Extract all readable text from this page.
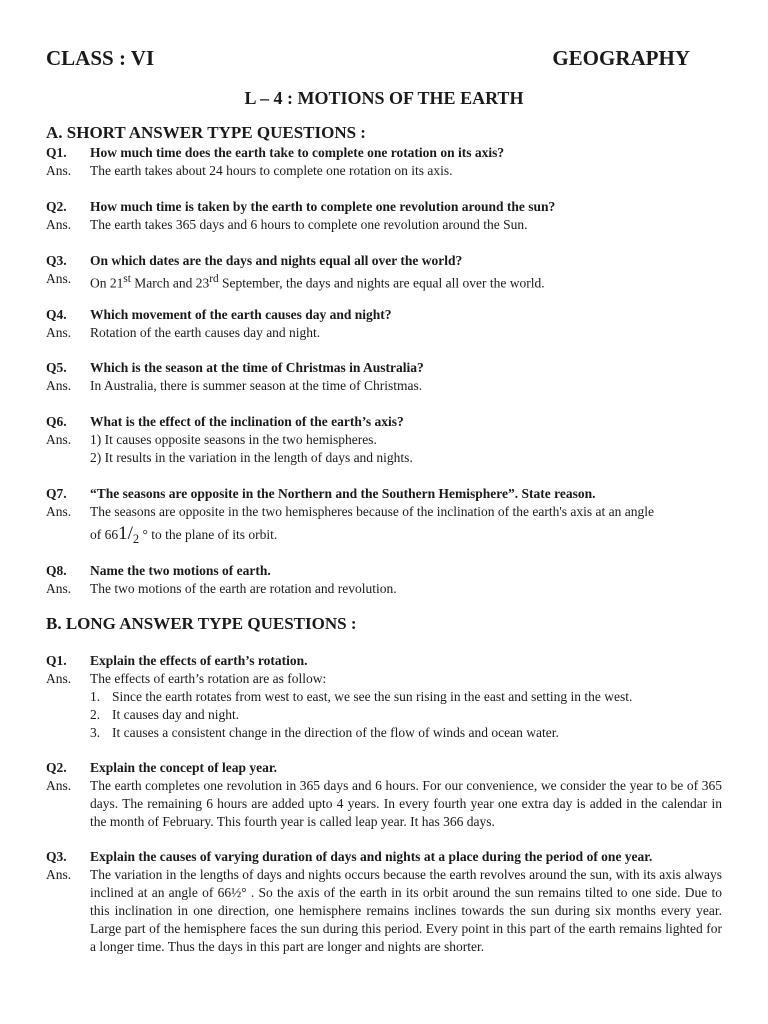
CLASS : VI	GEOGRAPHY
L – 4 : MOTIONS OF THE EARTH
A. SHORT ANSWER TYPE QUESTIONS :
Q1.	How much time does the earth take to complete one rotation on its axis?
Ans.	The earth takes about 24 hours to complete one rotation on its axis.
Q2.	How much time is taken by the earth to complete one revolution around the sun?
Ans.	The earth takes 365 days and 6 hours to complete one revolution around the Sun.
Q3.	On which dates are the days and nights equal all over the world?
Ans.	On 21st March and 23rd September, the days and nights are equal all over the world.
Q4.	Which movement of the earth causes day and night?
Ans.	Rotation of the earth causes day and night.
Q5.	Which is the season at the time of Christmas in Australia?
Ans.	In Australia, there is summer season at the time of Christmas.
Q6.	What is the effect of the inclination of the earth’s axis?
Ans.	1) It causes opposite seasons in the two hemispheres.
2) It results in the variation in the length of days and nights.
Q7.	“The seasons are opposite in the Northern and the Southern Hemisphere”. State reason.
Ans.	The seasons are opposite in the two hemispheres because of the inclination of the earth's axis at an angle
of $661/_2$ ° to the plane of its orbit.
Q8.	Name the two motions of earth.
Ans.	The two motions of the earth are rotation and revolution.
B. LONG ANSWER TYPE QUESTIONS :
Q1.	Explain the effects of earth’s rotation.
Ans.	The effects of earth’s rotation are as follow:
1. Since the earth rotates from west to east, we see the sun rising in the east and setting in the west.
2. It causes day and night.
3. It causes a consistent change in the direction of the flow of winds and ocean water.
Q2.	Explain the concept of leap year.
Ans.	The earth completes one revolution in 365 days and 6 hours. For our convenience, we consider the year to be of 365 days. The remaining 6 hours are added upto 4 years. In every fourth year one extra day is added in the calendar in the month of February. This fourth year is called leap year. It has 366 days.
Q3.	Explain the causes of varying duration of days and nights at a place during the period of one year.
Ans.	The variation in the lengths of days and nights occurs because the earth revolves around the sun, with its axis always inclined at an angle of 66½° . So the axis of the earth in its orbit around the sun remains tilted to one side. Due to this inclination in one direction, one hemisphere remains inclines towards the sun during six months every year. Large part of the hemisphere faces the sun during this period. Every point in this part of the earth remains lighted for a longer time. Thus the days in this part are longer and nights are shorter.
